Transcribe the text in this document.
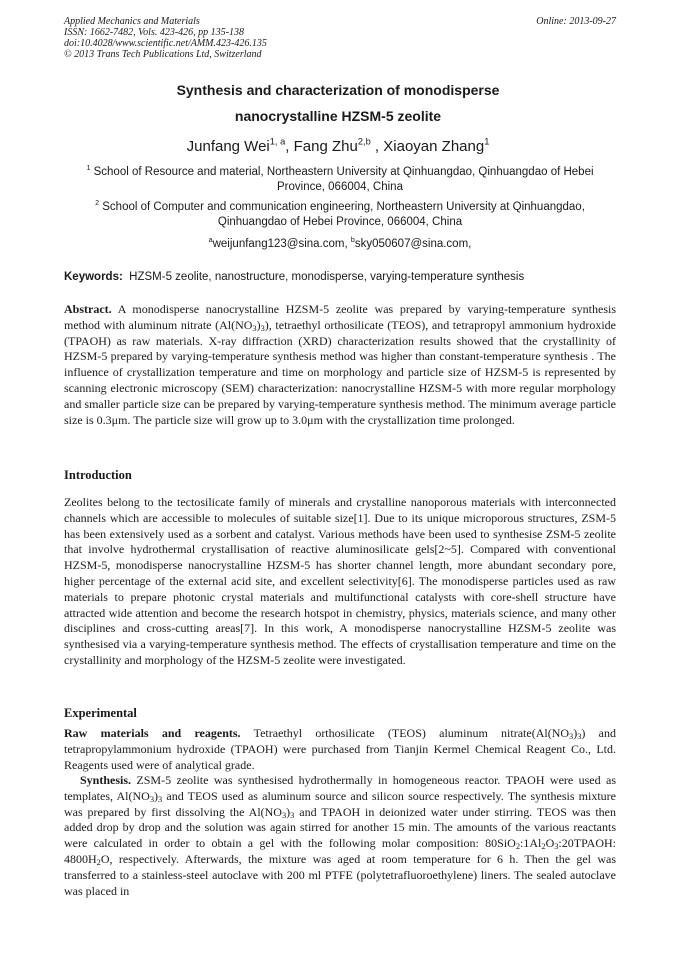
Applied Mechanics and Materials
ISSN: 1662-7482, Vols. 423-426, pp 135-138
doi:10.4028/www.scientific.net/AMM.423-426.135
© 2013 Trans Tech Publications Ltd, Switzerland
Online: 2013-09-27
Synthesis and characterization of monodisperse
nanocrystalline HZSM-5 zeolite
Junfang Wei$^{1, a}$, Fang Zhu$^{2,b}$ , Xiaoyan Zhang$^1$
$^1$ School of Resource and material, Northeastern University at Qinhuangdao, Qinhuangdao of Hebei Province, 066004, China
$^2$ School of Computer and communication engineering, Northeastern University at Qinhuangdao, Qinhuangdao of Hebei Province, 066004, China
$^a$weijunfang123@sina.com, $^b$sky050607@sina.com,
Keywords:  HZSM-5 zeolite, nanostructure, monodisperse, varying-temperature synthesis

Abstract. A monodisperse nanocrystalline HZSM-5 zeolite was prepared by varying-temperature synthesis method with aluminum nitrate $(Al(NO_3)_3)$, tetraethyl orthosilicate (TEOS), and tetrapropyl ammonium hydroxide (TPAOH) as raw materials. X-ray diffraction (XRD) characterization results showed that the crystallinity of HZSM-5 prepared by varying-temperature synthesis method was higher than constant-temperature synthesis . The influence of crystallization temperature and time on morphology and particle size of HZSM-5 is represented by scanning electronic microscopy (SEM) characterization: nanocrystalline HZSM-5 with more regular morphology and smaller particle size can be prepared by varying-temperature synthesis method. The minimum average particle size is 0.3μm. The particle size will grow up to 3.0μm with the crystallization time prolonged.

Introduction

Zeolites belong to the tectosilicate family of minerals and crystalline nanoporous materials with interconnected channels which are accessible to molecules of suitable size[1]. Due to its unique microporous structures, ZSM-5 has been extensively used as a sorbent and catalyst. Various methods have been used to synthesise ZSM-5 zeolite that involve hydrothermal crystallisation of reactive aluminosilicate gels[2~5]. Compared with conventional HZSM-5, monodisperse nanocrystalline HZSM-5 has shorter channel length, more abundant secondary pore, higher percentage of the external acid site, and excellent selectivity[6]. The monodisperse particles used as raw materials to prepare photonic crystal materials and multifunctional catalysts with core-shell structure have attracted wide attention and become the research hotspot in chemistry, physics, materials science, and many other disciplines and cross-cutting areas[7]. In this work, A monodisperse nanocrystalline HZSM-5 zeolite was synthesised via a varying-temperature synthesis method. The effects of crystallisation temperature and time on the crystallinity and morphology of the HZSM-5 zeolite were investigated.

Experimental

Raw materials and reagents. Tetraethyl orthosilicate (TEOS) aluminum $nitrate(Al(NO_3)_3)$ and tetrapropylammonium hydroxide (TPAOH) were purchased from Tianjin Kermel Chemical Reagent Co., Ltd. Reagents used were of analytical grade.

Synthesis. ZSM-5 zeolite was synthesised hydrothermally in homogeneous reactor. TPAOH were used as templates, $Al(NO_3)_3$ and TEOS used as aluminum source and silicon source respectively. The synthesis mixture was prepared by first dissolving the $Al(NO_3)_3$ and TPAOH in deionized water under stirring. TEOS was then added drop by drop and the solution was again stirred for another 15 min. The amounts of the various reactants were calculated in order to obtain a gel with the following molar composition: $80SiO_2:1Al_2O_3:20TPAOH$: $4800H_2O$, respectively. Afterwards, the mixture was aged at room temperature for 6 h. Then the gel was transferred to a stainless-steel autoclave with 200 ml PTFE (polytetrafluoroethylene) liners. The sealed autoclave was placed in
